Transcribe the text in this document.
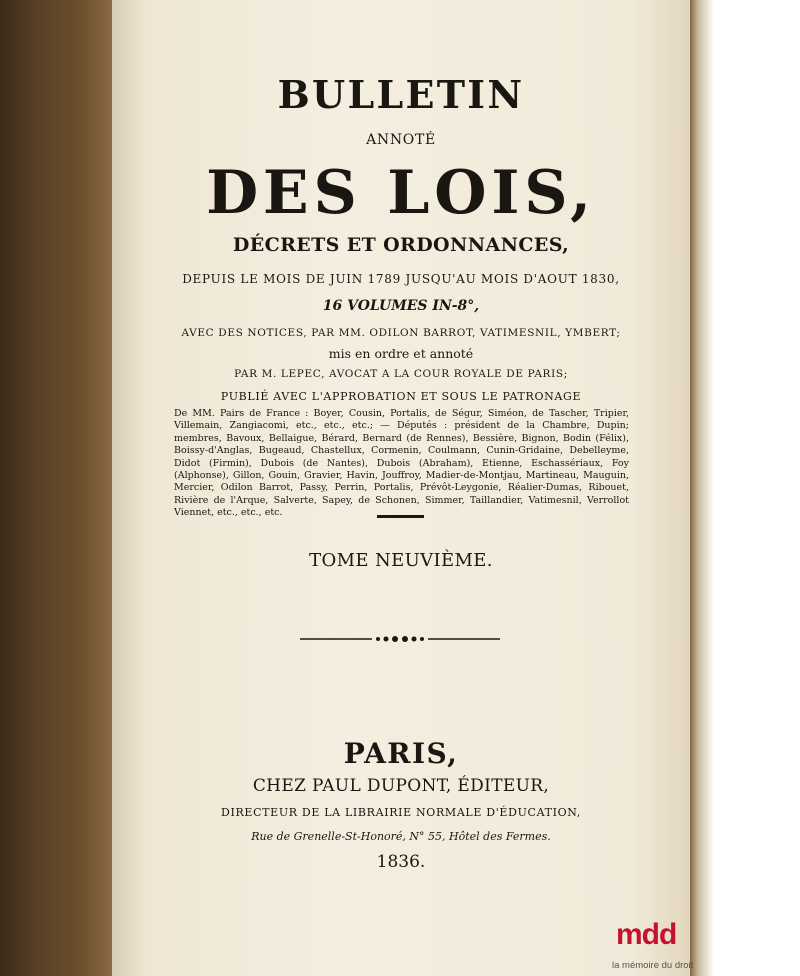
BULLETIN
ANNOTÉ
DES LOIS,
DÉCRETS ET ORDONNANCES,
DEPUIS LE MOIS DE JUIN 1789 JUSQU'AU MOIS D'AOUT 1830,
16 VOLUMES IN-8°,
AVEC DES NOTICES, PAR MM. ODILON BARROT, VATIMESNIL, YMBERT;
mis en ordre et annoté
PAR M. LEPEC, AVOCAT A LA COUR ROYALE DE PARIS;
PUBLIÉ AVEC L'APPROBATION ET SOUS LE PATRONAGE
De MM. Pairs de France : Boyer, Cousin, Portalis, de Ségur, Siméon, de Tascher, Tripier, Villemain, Zangiacomi, etc., etc., etc.; — Députés : président de la Chambre, Dupin; membres, Bavoux, Bellaigue, Bérard, Bernard (de Rennes), Bessière, Bignon, Bodin (Félix), Boissy-d'Anglas, Bugeaud, Chastellux, Cormenin, Coulmann, Cunin-Gridaine, Debelleyme, Didot (Firmin), Dubois (de Nantes), Dubois (Abraham), Etienne, Eschassériaux, Foy (Alphonse), Gillon, Gouin, Gravier, Havin, Jouffroy, Madier-de-Montjau, Martineau, Mauguin, Mercier, Odilon Barrot, Passy, Perrin, Portalis, Prévôt-Leygonie, Réalier-Dumas, Ribouet, Rivière de l'Arque, Salverte, Sapey, de Schonen, Simmer, Taillandier, Vatimesnil, Verrollot Viennet, etc., etc., etc.
TOME NEUVIÈME.
PARIS,
CHEZ PAUL DUPONT, ÉDITEUR,
DIRECTEUR DE LA LIBRAIRIE NORMALE D'ÉDUCATION,
Rue de Grenelle-St-Honoré, N° 55, Hôtel des Fermes.
1836.
mdd
la mémoire du droit
